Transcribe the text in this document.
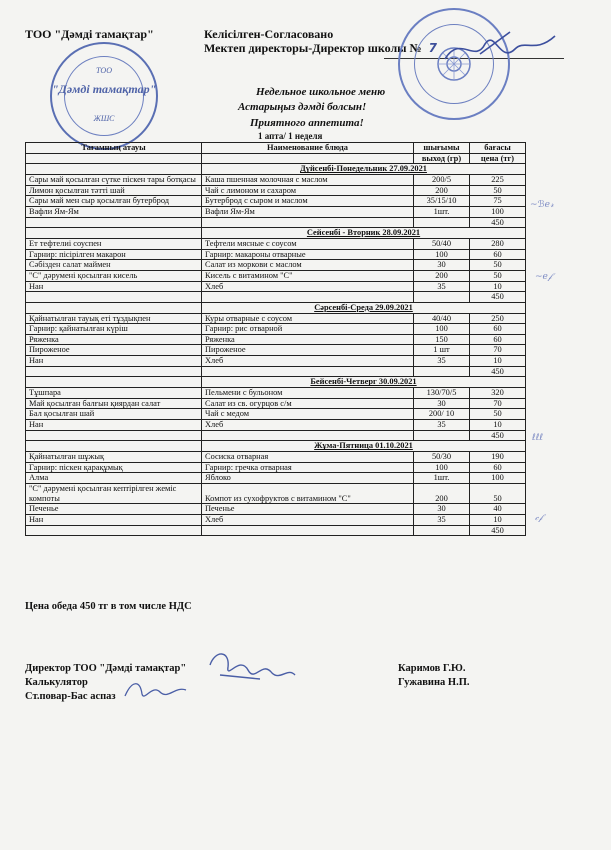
ТОО "Дәмді тамақтар"	Келісілген-Согласовано
Мектеп директоры-Директор школы № 7
ТОО
"Дәмді тамақтар"
ЖШС
Недельное школьное меню
Астарыңыз дәмді болсын!
Приятного аппетита!
1 апта/ 1 неделя
Тағамның атауы	Наименование блюда	шығымы	бағасы
		выход (гр)	цена (тг)
	Дүйсенбі-Понедельник 27.09.2021		
Сары май қосылған сүтке піскен тары ботқасы	Каша пшенная молочная с маслом	200/5	225
Лимон қосылған тәтті шай	Чай с лимоном и сахаром	200	50
Сары май мен сыр қосылған бутерброд	Бутерброд с сыром и маслом	35/15/10	75
Вафли Ям-Ям	Вафли Ям-Ям	1шт.	100
			450
	Сейсенбі - Вторник 28.09.2021		
Ет тефтелиі соуспен	Тефтели мясные с соусом	50/40	280
Гарнир: пісірілген макарон	Гарнир: макароны отварные	100	60
Сәбізден салат маймен	Салат из моркови с маслом	30	50
"С" дәрумені қосылған кисель	Кисель с витамином "С"	200	50
Нан	Хлеб	35	10
			450
	Сәрсенбі-Среда 29.09.2021		
Қайнатылған тауық еті тұздықпен	Куры отварные с соусом	40/40	250
Гарнир: қайнатылған күріш	Гарнир: рис отварной	100	60
Ряженка	Ряженка	150	60
Пироженое	Пироженое	1 шт	70
Нан	Хлеб	35	10
			450
	Бейсенбі-Четверг 30.09.2021		
Тұшпара	Пельмени с бульоном	130/70/5	320
Май қосылған балғын қиярдан салат	Салат из св. огурцов с/м	30	70
Бал қосылған шай	Чай с медом	200/ 10	50
Нан	Хлеб	35	10
			450
	Жұма-Пятница 01.10.2021		
Қайнатылған шұжық	Сосиска отварная	50/30	190
Гарнир: піскен қарақұмық	Гарнир: гречка отварная	100	60
Алма	Яблоко	1шт.	100
"С" дәрумені қосылған кептірілген жеміс компоты	Компот из сухофруктов с витамином "С"	200	50
Печенье	Печенье	30	40
Нан	Хлеб	35	10
			450
~ℬℯ𝓇
~ℯ𝒻
ℓℓℓ
𝒸𝒻
Цена обеда 450 тг в том числе НДС
Директор ТОО "Дәмді тамақтар"	Каримов Г.Ю.
Калькулятор	Гужавина Н.П.
Ст.повар-Бас аспаз
